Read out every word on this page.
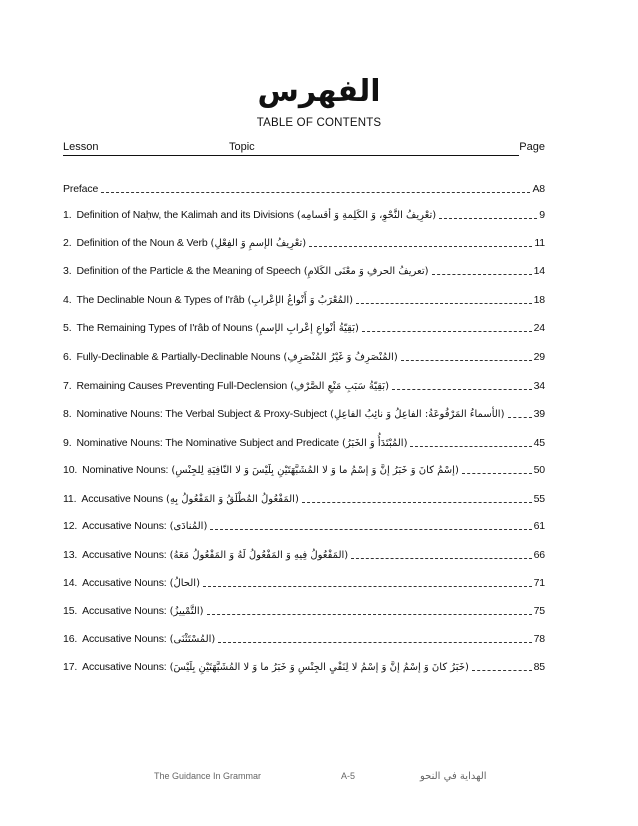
الفهرس
TABLE OF CONTENTS
Lesson	Topic	Page
Preface	A8
1. Definition of Naḥw, the Kalimah and its Divisions (تعْرِيفُ النَّحْوِ، وَ الكَلِمةِ وَ أقسامِه)	9
2. Definition of the Noun & Verb (تعْرِيفُ الإسمِ وَ الفِعْلِ)	11
3. Definition of the Particle & the Meaning of Speech (تعريفُ الحرفِ وَ معْنَى الكَلامِ)	14
4. The Declinable Noun & Types of I'râb (المُعْرَبُ وَ أَنْواعُ الإعْرابِ)	18
5. The Remaining Types of I'râb of Nouns (بَقِيّةُ أنْواعِ إعْرابِ الإسمِ)	24
6. Fully-Declinable & Partially-Declinable Nouns (المُنْصَرِفُ وَ غَيْرُ المُنْصَرِفِ)	29
7. Remaining Causes Preventing Full-Declension (بَقِيّةُ سَبَبِ مَنْعِ الصَّرْفِ)	34
8. Nominative Nouns: The Verbal Subject & Proxy-Subject (الأسماءُ المَرْفُوعَةُ: الفاعِلُ وَ نائِبُ الفاعِلِ)	39
9. Nominative Nouns: The Nominative Subject and Predicate (المُبْتَدَأُ وَ الخَبَرُ)	45
10. Nominative Nouns: (إسْمُ كانَ وَ خَبَرُ إنَّ وَ إسْمُ ما وَ لا المُشَبَّهَتَيْنِ بِلَيْسَ وَ لا النّافِيَةِ لِلجِنْسِ)	50
11. Accusative Nouns (المَفْعُولُ المُطْلَقُ وَ المَفْعُولُ بِهِ)	55
12. Accusative Nouns: (المُنادَى)	61
13. Accusative Nouns: (المَفْعُولُ فِيهِ وَ المَفْعُولُ لَهُ وَ المَفْعُولُ مَعَهُ)	66
14. Accusative Nouns: (الحالُ)	71
15. Accusative Nouns: (التَّمْييزُ)	75
16. Accusative Nouns: (المُسْتَثْنَى)	78
17. Accusative Nouns: (خَبَرُ كانَ وَ إسْمُ إنَّ وَ إسْمُ لا لِنَفْيِ الجِنْسِ وَ خَبَرُ ما وَ لا المُشَبَّهَتَيْنِ بِلَيْسَ)	85
The Guidance In Grammar	A-5	الهداية في النحو
